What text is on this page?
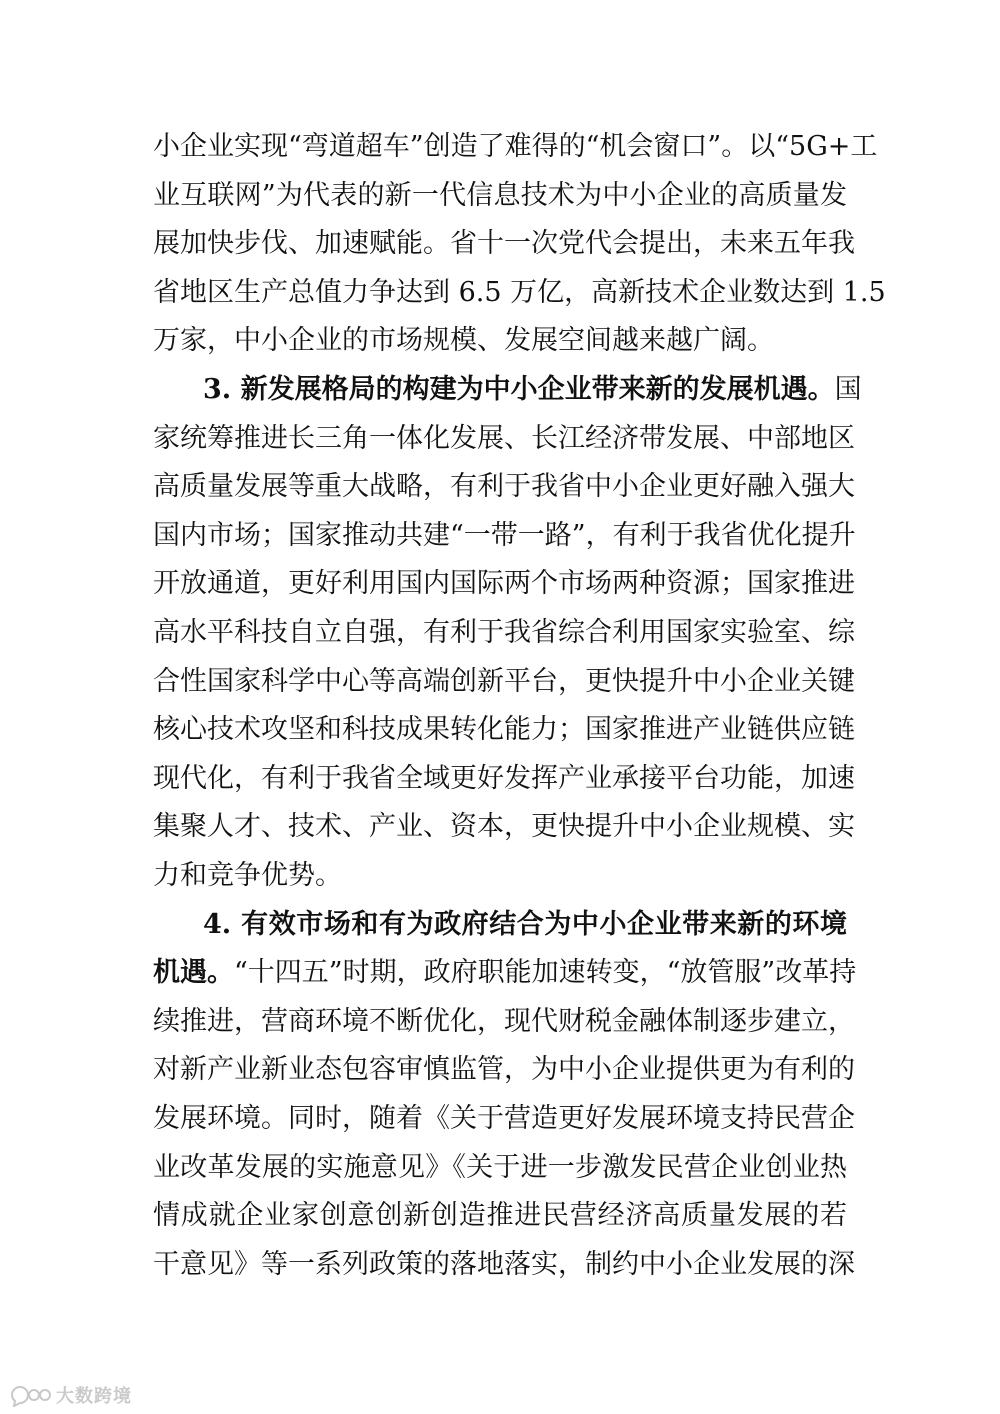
小企业实现“弯道超车”创造了难得的“机会窗口”。以“5G+工
业互联网”为代表的新一代信息技术为中小企业的高质量发
展加快步伐、加速赋能。省十一次党代会提出，未来五年我
省地区生产总值力争达到 6.5 万亿，高新技术企业数达到 1.5
万家，中小企业的市场规模、发展空间越来越广阔。
3. 新发展格局的构建为中小企业带来新的发展机遇。国
家统筹推进长三角一体化发展、长江经济带发展、中部地区
高质量发展等重大战略，有利于我省中小企业更好融入强大
国内市场；国家推动共建“一带一路”，有利于我省优化提升
开放通道，更好利用国内国际两个市场两种资源；国家推进
高水平科技自立自强，有利于我省综合利用国家实验室、综
合性国家科学中心等高端创新平台，更快提升中小企业关键
核心技术攻坚和科技成果转化能力；国家推进产业链供应链
现代化，有利于我省全域更好发挥产业承接平台功能，加速
集聚人才、技术、产业、资本，更快提升中小企业规模、实
力和竞争优势。
4. 有效市场和有为政府结合为中小企业带来新的环境
机遇。“十四五”时期，政府职能加速转变，“放管服”改革持
续推进，营商环境不断优化，现代财税金融体制逐步建立，
对新产业新业态包容审慎监管，为中小企业提供更为有利的
发展环境。同时，随着《关于营造更好发展环境支持民营企
业改革发展的实施意见》《关于进一步激发民营企业创业热
情成就企业家创意创新创造推进民营经济高质量发展的若
干意见》等一系列政策的落地落实，制约中小企业发展的深
大数跨境
